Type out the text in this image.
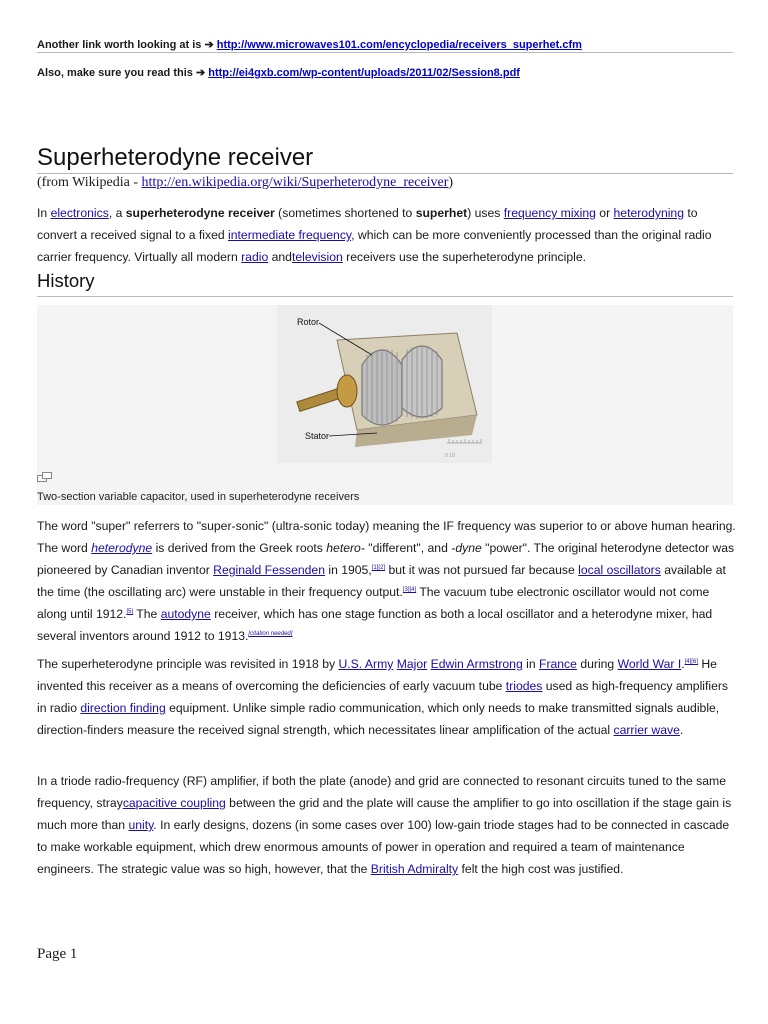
Another link worth looking at is ➔ http://www.microwaves101.com/encyclopedia/receivers_superhet.cfm
Also, make sure you read this ➔ http://ei4gxb.com/wp-content/uploads/2011/02/Session8.pdf
Superheterodyne receiver
(from Wikipedia - http://en.wikipedia.org/wiki/Superheterodyne_receiver)

In electronics, a superheterodyne receiver (sometimes shortened to superhet) uses frequency mixing or heterodyning to convert a received signal to a fixed intermediate frequency, which can be more conveniently processed than the original radio carrier frequency. Virtually all modern radio andtelevision receivers use the superheterodyne principle.

History
Rotor
Stator
0 10
Two-section variable capacitor, used in superheterodyne receivers

The word "super" referrers to "super-sonic" (ultra-sonic today) meaning the IF frequency was superior to or above human hearing. The word heterodyne is derived from the Greek roots hetero- "different", and -dyne "power". The original heterodyne detector was pioneered by Canadian inventor Reginald Fessenden in 1905,[1][2] but it was not pursued far because local oscillators available at the time (the oscillating arc) were unstable in their frequency output.[3][4] The vacuum tube electronic oscillator would not come along until 1912.[5] The autodyne receiver, which has one stage function as both a local oscillator and a heterodyne mixer, had several inventors around 1912 to 1913.[citation needed]

The superheterodyne principle was revisited in 1918 by U.S. Army Major Edwin Armstrong in France during World War I.[4][6] He invented this receiver as a means of overcoming the deficiencies of early vacuum tube triodes used as high-frequency amplifiers in radio direction finding equipment. Unlike simple radio communication, which only needs to make transmitted signals audible, direction-finders measure the received signal strength, which necessitates linear amplification of the actual carrier wave.

In a triode radio-frequency (RF) amplifier, if both the plate (anode) and grid are connected to resonant circuits tuned to the same frequency, straycapacitive coupling between the grid and the plate will cause the amplifier to go into oscillation if the stage gain is much more than unity. In early designs, dozens (in some cases over 100) low-gain triode stages had to be connected in cascade to make workable equipment, which drew enormous amounts of power in operation and required a team of maintenance engineers. The strategic value was so high, however, that the British Admiralty felt the high cost was justified.

Page 1
